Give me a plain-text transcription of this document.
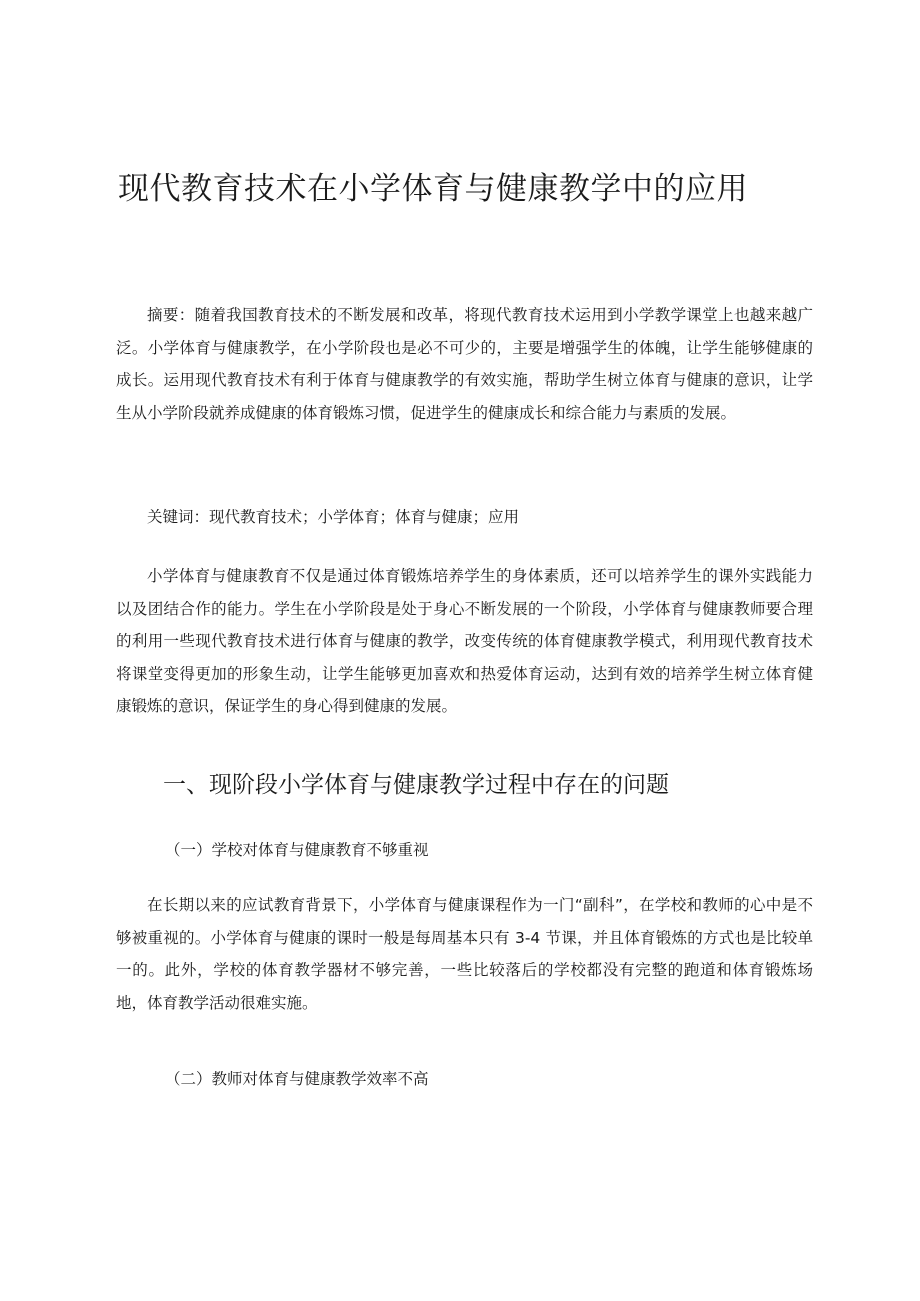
现代教育技术在小学体育与健康教学中的应用

摘要：随着我国教育技术的不断发展和改革，将现代教育技术运用到小学教学课堂上也越来越广泛。小学体育与健康教学，在小学阶段也是必不可少的，主要是增强学生的体魄，让学生能够健康的成长。运用现代教育技术有利于体育与健康教学的有效实施，帮助学生树立体育与健康的意识，让学生从小学阶段就养成健康的体育锻炼习惯，促进学生的健康成长和综合能力与素质的发展。

关键词：现代教育技术；小学体育；体育与健康；应用

小学体育与健康教育不仅是通过体育锻炼培养学生的身体素质，还可以培养学生的课外实践能力以及团结合作的能力。学生在小学阶段是处于身心不断发展的一个阶段，小学体育与健康教师要合理的利用一些现代教育技术进行体育与健康的教学，改变传统的体育健康教学模式，利用现代教育技术将课堂变得更加的形象生动，让学生能够更加喜欢和热爱体育运动，达到有效的培养学生树立体育健康锻炼的意识，保证学生的身心得到健康的发展。

一、现阶段小学体育与健康教学过程中存在的问题
（一）学校对体育与健康教育不够重视

在长期以来的应试教育背景下，小学体育与健康课程作为一门“副科”，在学校和教师的心中是不够被重视的。小学体育与健康的课时一般是每周基本只有 3-4 节课，并且体育锻炼的方式也是比较单一的。此外，学校的体育教学器材不够完善，一些比较落后的学校都没有完整的跑道和体育锻炼场地，体育教学活动很难实施。

（二）教师对体育与健康教学效率不高
